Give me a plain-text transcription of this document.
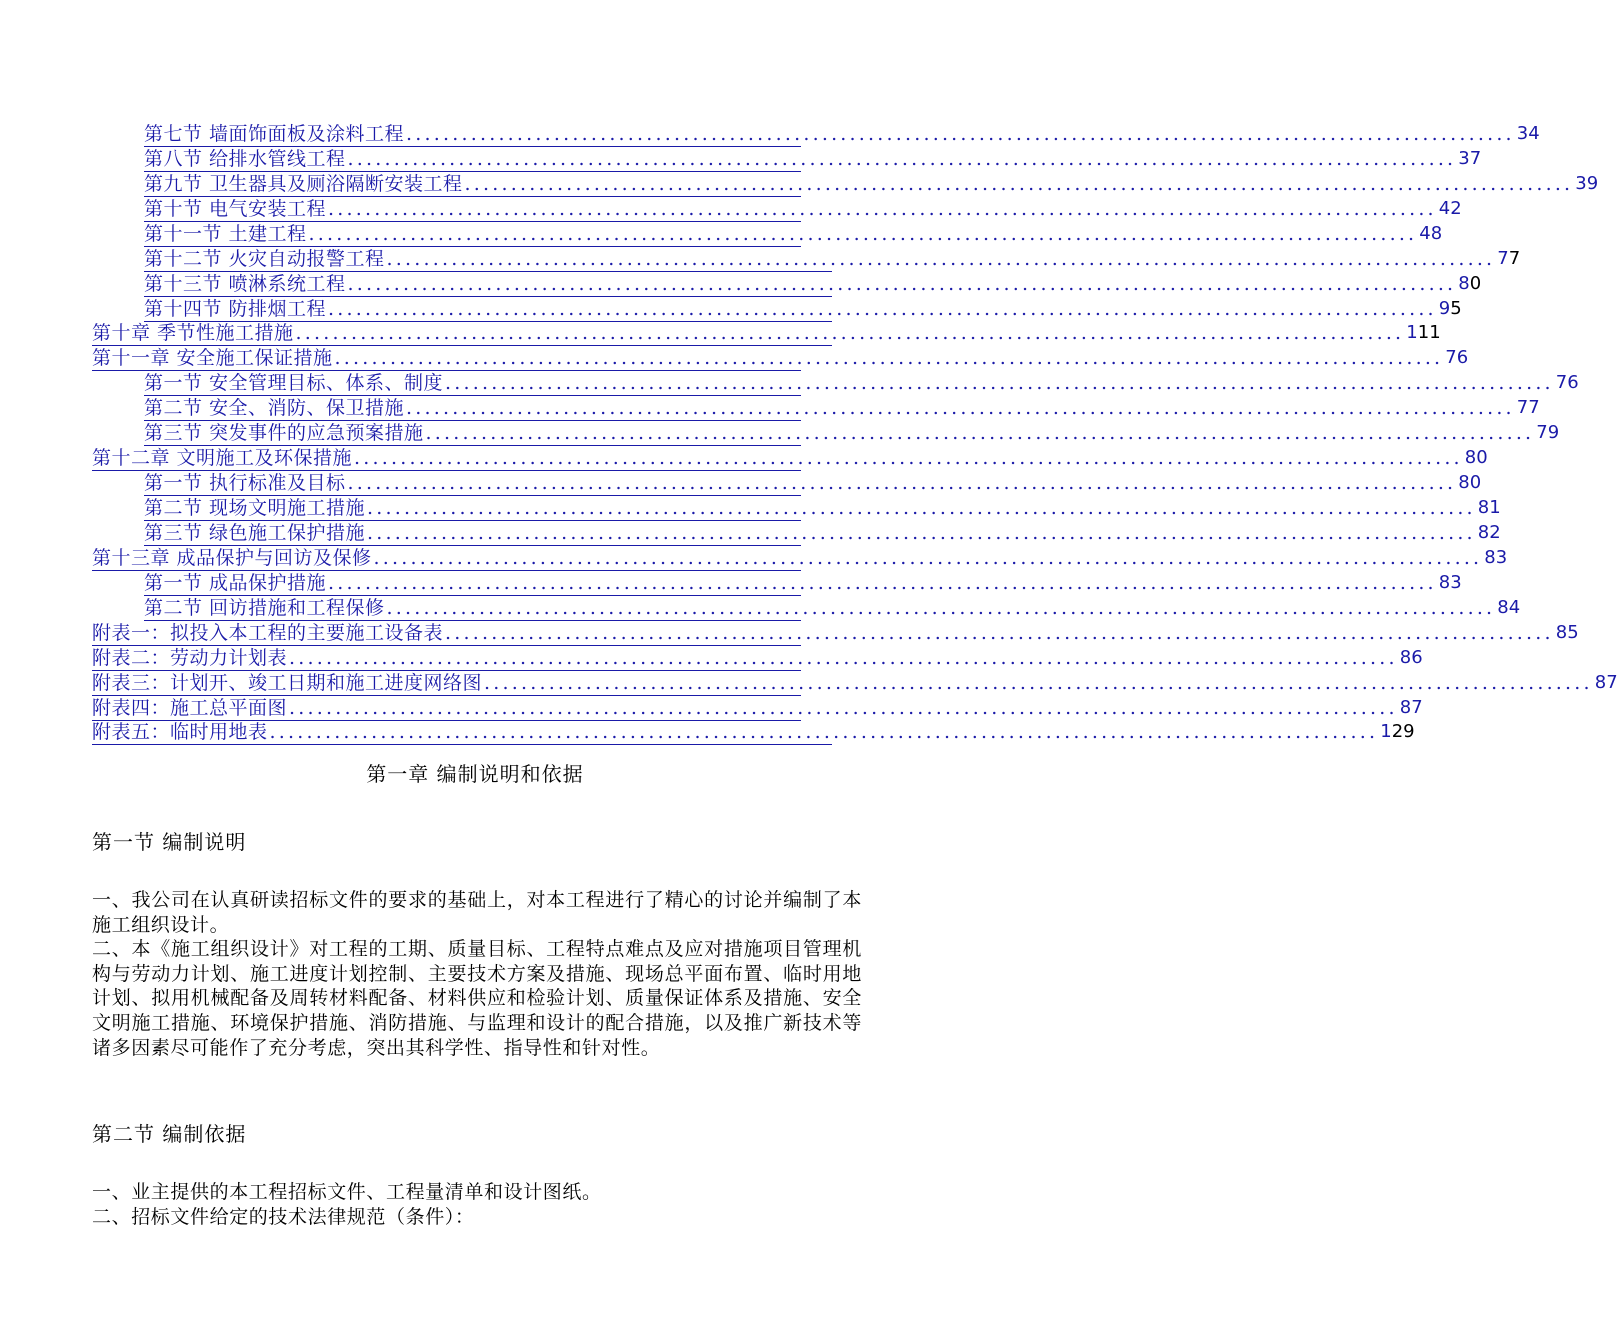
第七节 墙面饰面板及涂料工程 ........................................................................................................................ 34
第八节 给排水管线工程 ........................................................................................................................ 37
第九节 卫生器具及厕浴隔断安装工程 ........................................................................................................................ 39
第十节 电气安装工程 ........................................................................................................................ 42
第十一节 土建工程 ........................................................................................................................ 48
第十二节 火灾自动报警工程 ........................................................................................................................ 77
第十三节 喷淋系统工程 ........................................................................................................................ 80
第十四节 防排烟工程 ........................................................................................................................ 95
第十章 季节性施工措施 ........................................................................................................................ 111
第十一章 安全施工保证措施 ........................................................................................................................ 76
第一节 安全管理目标、体系、制度 ........................................................................................................................ 76
第二节 安全、消防、保卫措施 ........................................................................................................................ 77
第三节 突发事件的应急预案措施 ........................................................................................................................ 79
第十二章 文明施工及环保措施 ........................................................................................................................ 80
第一节 执行标准及目标 ........................................................................................................................ 80
第二节 现场文明施工措施 ........................................................................................................................ 81
第三节 绿色施工保护措施 ........................................................................................................................ 82
第十三章 成品保护与回访及保修 ........................................................................................................................ 83
第一节 成品保护措施 ........................................................................................................................ 83
第二节 回访措施和工程保修 ........................................................................................................................ 84
附表一：拟投入本工程的主要施工设备表 ........................................................................................................................ 85
附表二：劳动力计划表 ........................................................................................................................ 86
附表三：计划开、竣工日期和施工进度网络图 ........................................................................................................................ 87
附表四：施工总平面图 ........................................................................................................................ 87
附表五：临时用地表 ........................................................................................................................ 129
第一章 编制说明和依据
第一节 编制说明

一、我公司在认真研读招标文件的要求的基础上，对本工程进行了精心的讨论并编制了本施工组织设计。

二、本《施工组织设计》对工程的工期、质量目标、工程特点难点及应对措施项目管理机构与劳动力计划、施工进度计划控制、主要技术方案及措施、现场总平面布置、临时用地计划、拟用机械配备及周转材料配备、材料供应和检验计划、质量保证体系及措施、安全文明施工措施、环境保护措施、消防措施、与监理和设计的配合措施，以及推广新技术等诸多因素尽可能作了充分考虑，突出其科学性、指导性和针对性。

第二节 编制依据

一、业主提供的本工程招标文件、工程量清单和设计图纸。

二、招标文件给定的技术法律规范（条件）：
